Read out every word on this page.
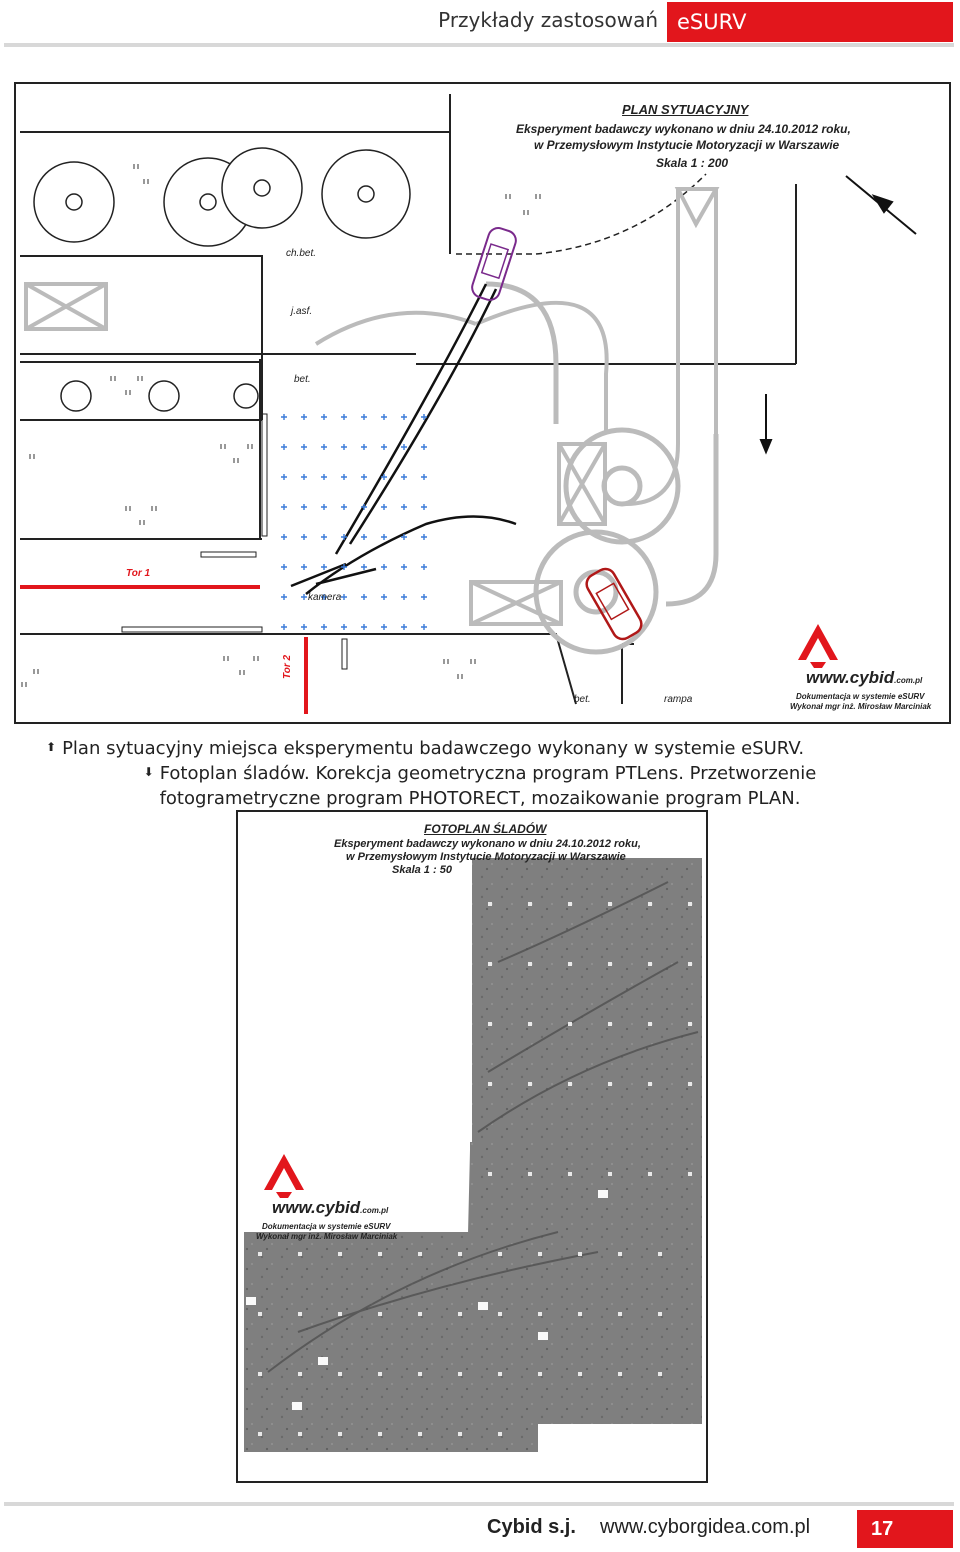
Przykłady zastosowań eSURV
PLAN SYTUACYJNY
Eksperyment badawczy wykonano w dniu 24.10.2012 roku,
w Przemysłowym Instytucie Motoryzacji w Warszawie
Skala 1 : 200
ch.bet.
j.asf.
bet.
Tor 1
Tor 2
kamera
bet.	rampa
www.cybid.com.pl
Dokumentacja w systemie eSURV
Wykonał mgr inż. Mirosław Marciniak
⬆ Plan sytuacyjny miejsca eksperymentu badawczego wykonany w systemie eSURV.
⬇ Fotoplan śladów. Korekcja geometryczna program PTLens. Przetworzenie
fotogrametryczne program PHOTORECT, mozaikowanie program PLAN.
FOTOPLAN ŚLADÓW
Eksperyment badawczy wykonano w dniu 24.10.2012 roku,
w Przemysłowym Instytucie Motoryzacji w Warszawie
Skala 1 : 50
www.cybid.com.pl
Dokumentacja w systemie eSURV
Wykonał mgr inż. Mirosław Marciniak
Cybid s.j. www.cyborgidea.com.pl	17
